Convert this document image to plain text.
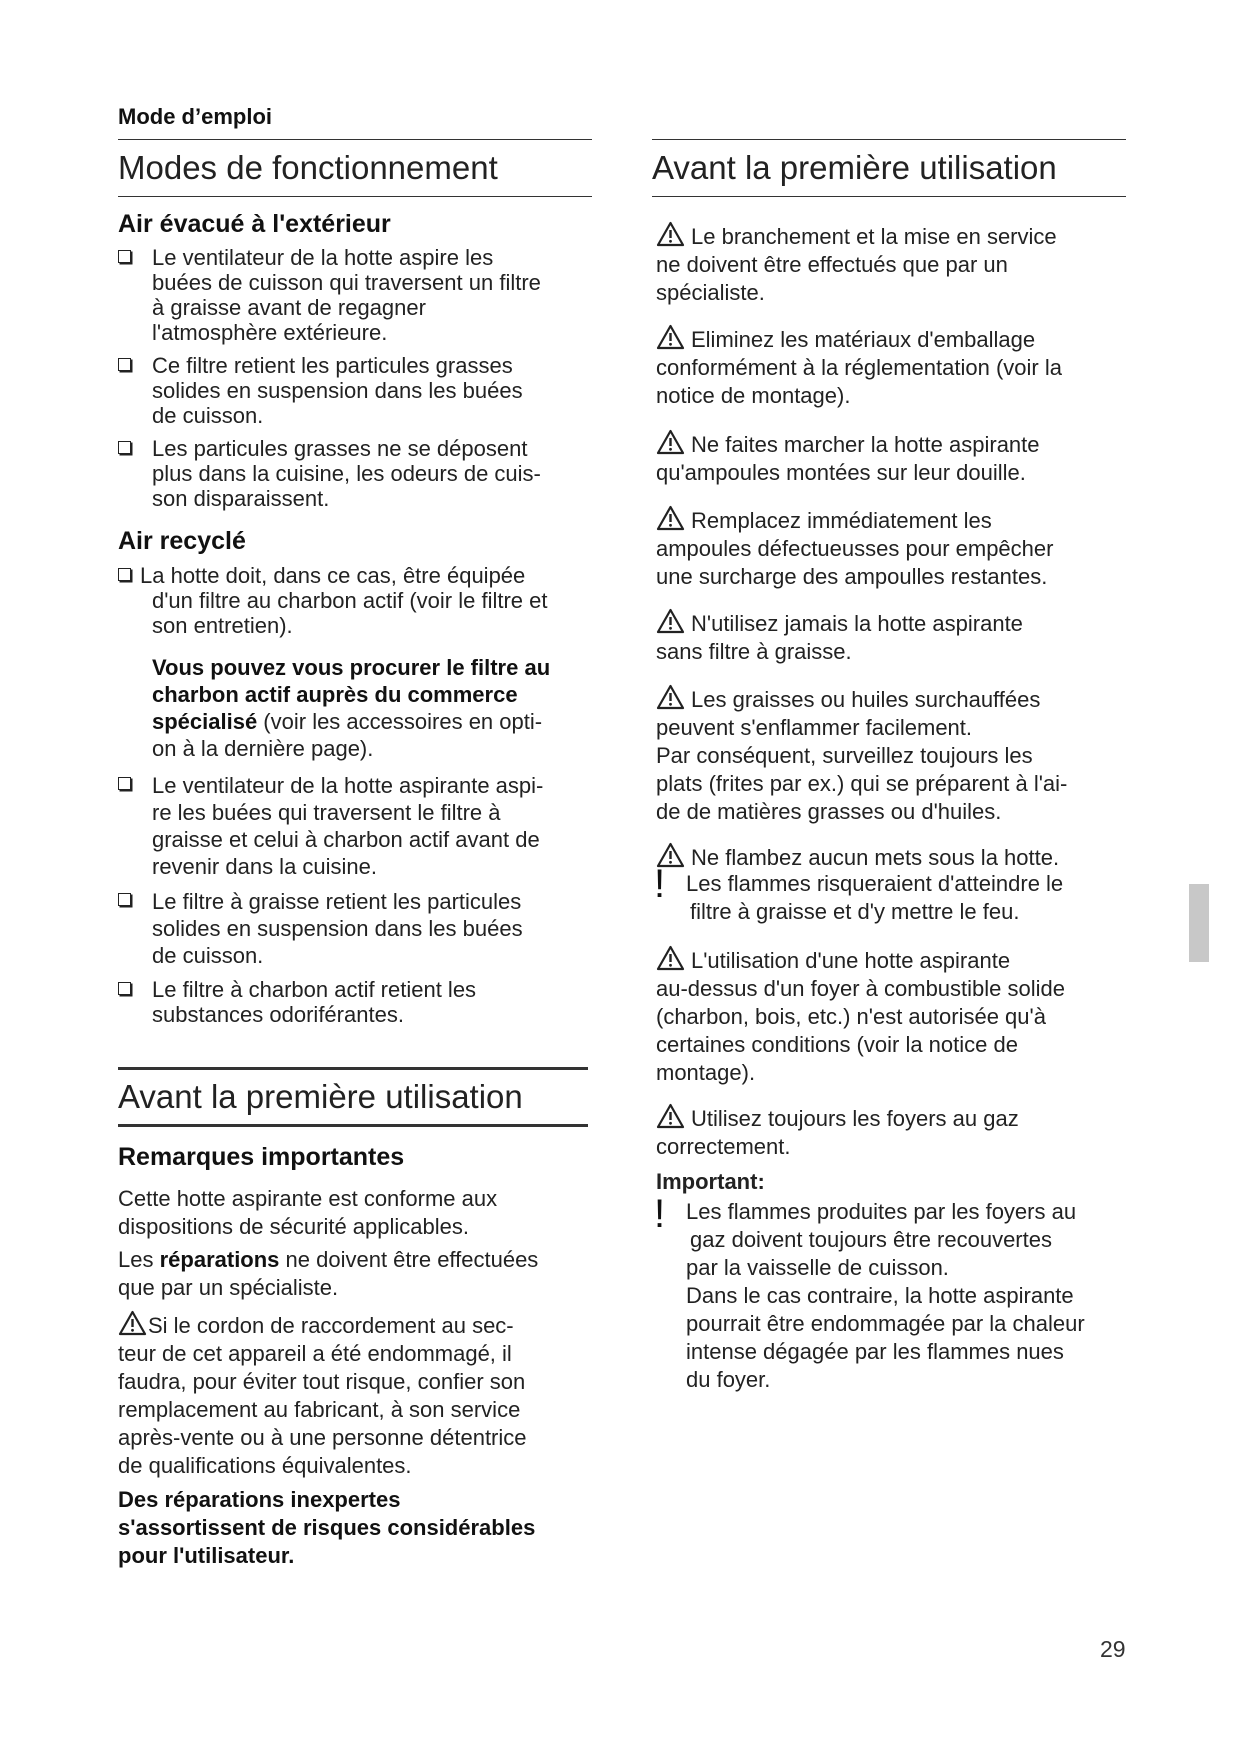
Mode d’emploi
Modes de fonctionnement
Air évacué à l'extérieur
Le ventilateur de la hotte aspire les
buées de cuisson qui traversent un filtre
à graisse avant de regagner
l'atmosphère extérieure.
Ce filtre retient les particules grasses
solides en suspension dans les buées
de cuisson.
Les particules grasses ne se déposent
plus dans la cuisine, les odeurs de cuis-
son disparaissent.
Air recyclé
La hotte doit, dans ce cas, être équipée
d'un filtre au charbon actif (voir le filtre et
son entretien).
Vous pouvez vous procurer le filtre au
charbon actif auprès du commerce
spécialisé (voir les accessoires en opti-
on à la dernière page).
Le ventilateur de la hotte aspirante aspi-
re les buées qui traversent le filtre à
graisse et celui à charbon actif avant de
revenir dans la cuisine.
Le filtre à graisse retient les particules
solides en suspension dans les buées
de cuisson.
Le filtre à charbon actif retient les
substances odoriférantes.
Avant la première utilisation
Remarques importantes
Cette hotte aspirante est conforme aux
dispositions de sécurité applicables.
Les réparations ne doivent être effectuées
que par un spécialiste.
Si le cordon de raccordement au sec-
teur de cet appareil a été endommagé, il
faudra, pour éviter tout risque, confier son
remplacement au fabricant, à son service
après-vente ou à une personne détentrice
de qualifications équivalentes.
Des réparations inexpertes
s'assortissent de risques considérables
pour l'utilisateur.
Avant la première utilisation
Le branchement et la mise en service
ne doivent être effectués que par un
spécialiste.
Eliminez les matériaux d'emballage
conformément à la réglementation (voir la
notice de montage).
Ne faites marcher la hotte aspirante
qu'ampoules montées sur leur douille.
Remplacez immédiatement les
ampoules défectueusses pour empêcher
une surcharge des ampoulles restantes.
N'utilisez jamais la hotte aspirante
sans filtre à graisse.
Les graisses ou huiles surchauffées
peuvent s'enflammer facilement.
Par conséquent, surveillez toujours les
plats (frites par ex.) qui se préparent à l'ai-
de de matières grasses ou d'huiles.
Ne flambez aucun mets sous la hotte.
! Les flammes risqueraient d'atteindre le
filtre à graisse et d'y mettre le feu.
L'utilisation d'une hotte aspirante
au-dessus d'un foyer à combustible solide
(charbon, bois, etc.) n'est autorisée qu'à
certaines conditions (voir la notice de
montage).
Utilisez toujours les foyers au gaz
correctement.
Important:
! Les flammes produites par les foyers au
gaz doivent toujours être recouvertes
par la vaisselle de cuisson.
Dans le cas contraire, la hotte aspirante
pourrait être endommagée par la chaleur
intense dégagée par les flammes nues
du foyer.
29
